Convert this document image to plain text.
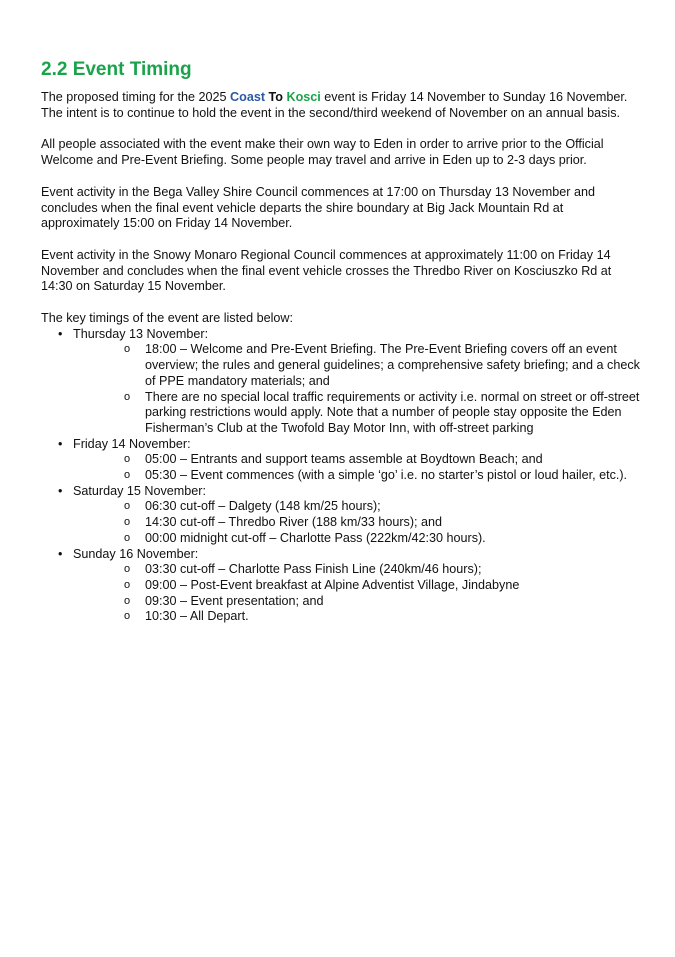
2.2 Event Timing

The proposed timing for the 2025 Coast To Kosci event is Friday 14 November to Sunday 16 November. The intent is to continue to hold the event in the second/third weekend of November on an annual basis.

All people associated with the event make their own way to Eden in order to arrive prior to the Official Welcome and Pre-Event Briefing. Some people may travel and arrive in Eden up to 2-3 days prior.

Event activity in the Bega Valley Shire Council commences at 17:00 on Thursday 13 November and concludes when the final event vehicle departs the shire boundary at Big Jack Mountain Rd at approximately 15:00 on Friday 14 November.

Event activity in the Snowy Monaro Regional Council commences at approximately 11:00 on Friday 14 November and concludes when the final event vehicle crosses the Thredbo River on Kosciuszko Rd at 14:30 on Saturday 15 November.

The key timings of the event are listed below:

• Thursday 13 November:
o 18:00 – Welcome and Pre-Event Briefing. The Pre-Event Briefing covers off an event overview; the rules and general guidelines; a comprehensive safety briefing; and a check of PPE mandatory materials; and
o There are no special local traffic requirements or activity i.e. normal on street or off-street parking restrictions would apply. Note that a number of people stay opposite the Eden Fisherman’s Club at the Twofold Bay Motor Inn, with off-street parking
• Friday 14 November:
o 05:00 – Entrants and support teams assemble at Boydtown Beach; and
o 05:30 – Event commences (with a simple ‘go’ i.e. no starter’s pistol or loud hailer, etc.).
• Saturday 15 November:
o 06:30 cut-off – Dalgety (148 km/25 hours);
o 14:30 cut-off – Thredbo River (188 km/33 hours); and
o 00:00 midnight cut-off – Charlotte Pass (222km/42:30 hours).
• Sunday 16 November:
o 03:30 cut-off – Charlotte Pass Finish Line (240km/46 hours);
o 09:00 – Post-Event breakfast at Alpine Adventist Village, Jindabyne
o 09:30 – Event presentation; and
o 10:30 – All Depart.
